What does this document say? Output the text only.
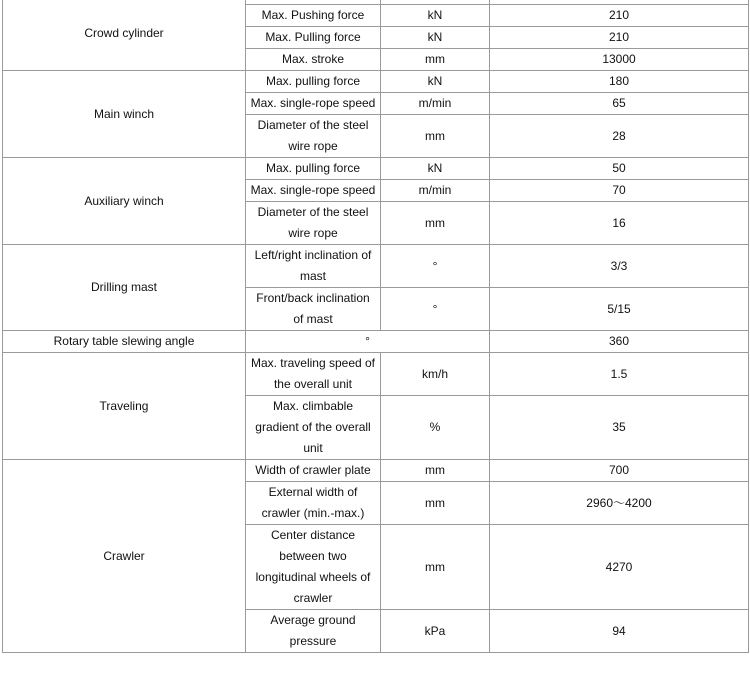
Crowd cylinder			
	Max. Pushing force	kN	210
	Max. Pulling force	kN	210
	Max. stroke	mm	13000
Main winch	Max. pulling force	kN	180
	Max. single-rope speed	m/min	65
	Diameter of the steel wire rope	mm	28
Auxiliary winch	Max. pulling force	kN	50
	Max. single-rope speed	m/min	70
	Diameter of the steel wire rope	mm	16
Drilling mast	Left/right inclination of mast	°	3/3
	Front/back inclination of mast	°	5/15
Rotary table slewing angle	°		360
Traveling	Max. traveling speed of the overall unit	km/h	1.5
	Max. climbable gradient of the overall unit	%	35
Crawler	Width of crawler plate	mm	700
	External width of crawler (min.-max.)	mm	2960～4200
	Center distance between two longitudinal wheels of crawler	mm	4270
	Average ground pressure	kPa	94
